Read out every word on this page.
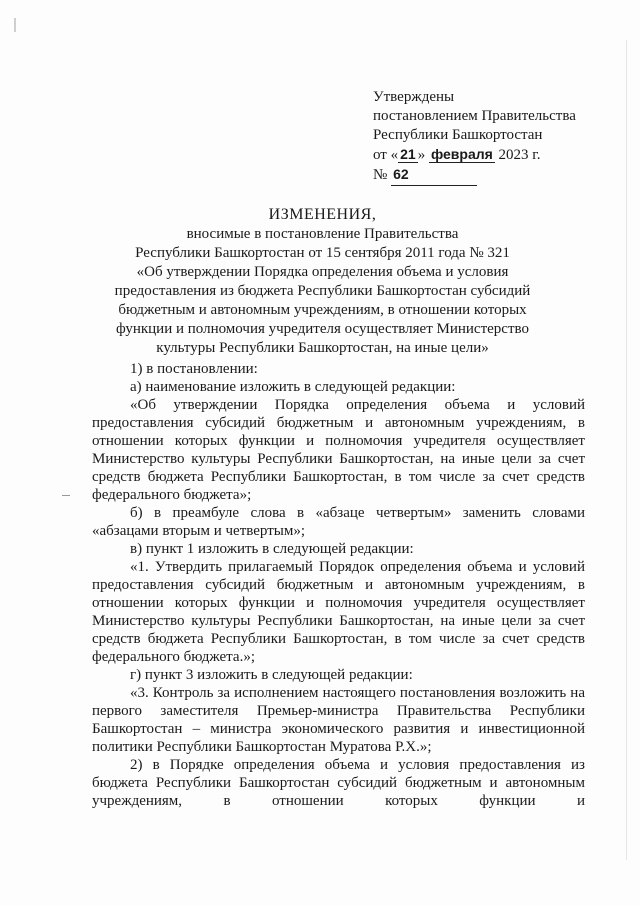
Утверждены
постановлением Правительства
Республики Башкортостан
от « 21 » февраля 2023 г.
№ 62
ИЗМЕНЕНИЯ,
вносимые в постановление Правительства
Республики Башкортостан от 15 сентября 2011 года № 321
«Об утверждении Порядка определения объема и условия
предоставления из бюджета Республики Башкортостан субсидий
бюджетным и автономным учреждениям, в отношении которых
функции и полномочия учредителя осуществляет Министерство
культуры Республики Башкортостан, на иные цели»
1) в постановлении:
а) наименование изложить в следующей редакции:
«Об утверждении Порядка определения объема и условий предоставления субсидий бюджетным и автономным учреждениям, в отношении которых функции и полномочия учредителя осуществляет Министерство культуры Республики Башкортостан, на иные цели за счет средств бюджета Республики Башкортостан, в том числе за счет средств федерального бюджета»;
б) в преамбуле слова в «абзаце четвертым» заменить словами «абзацами вторым и четвертым»;
в) пункт 1 изложить в следующей редакции:
«1. Утвердить прилагаемый Порядок определения объема и условий предоставления субсидий бюджетным и автономным учреждениям, в отношении которых функции и полномочия учредителя осуществляет Министерство культуры Республики Башкортостан, на иные цели за счет средств бюджета Республики Башкортостан, в том числе за счет средств федерального бюджета.»;
г) пункт 3 изложить в следующей редакции:
«3. Контроль за исполнением настоящего постановления возложить на первого заместителя Премьер-министра Правительства Республики Башкортостан – министра экономического развития и инвестиционной политики Республики Башкортостан Муратова Р.Х.»;
2) в Порядке определения объема и условия предоставления из бюджета Республики Башкортостан субсидий бюджетным и автономным учреждениям, в отношении которых функции и
